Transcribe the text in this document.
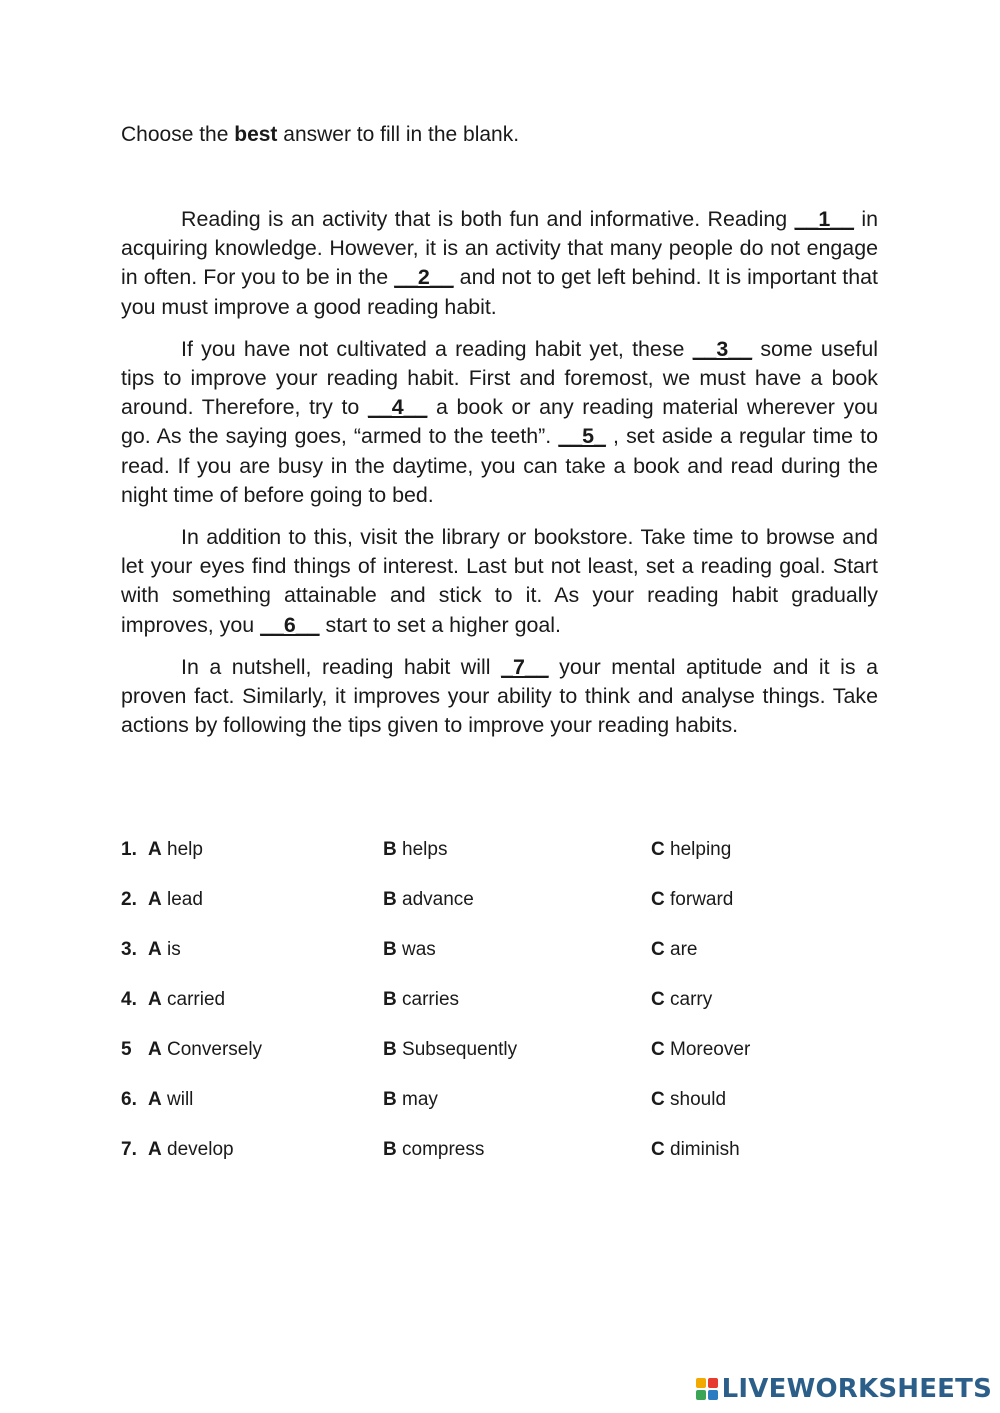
Choose the best answer to fill in the blank.

Reading is an activity that is both fun and informative. Reading __1__ in acquiring knowledge. However, it is an activity that many people do not engage in often. For you to be in the __2__ and not to get left behind. It is important that you must improve a good reading habit.

If you have not cultivated a reading habit yet, these __3__ some useful tips to improve your reading habit. First and foremost, we must have a book around. Therefore, try to __4__ a book or any reading material wherever you go. As the saying goes, “armed to the teeth”. __5_ , set aside a regular time to read. If you are busy in the daytime, you can take a book and read during the night time of before going to bed.

In addition to this, visit the library or bookstore. Take time to browse and let your eyes find things of interest. Last but not least, set a reading goal. Start with something attainable and stick to it. As your reading habit gradually improves, you __6__ start to set a higher goal.

In a nutshell, reading habit will _7__ your mental aptitude and it is a proven fact. Similarly, it improves your ability to think and analyse things. Take actions by following the tips given to improve your reading habits.

1. A help	B helps	C helping
2. A lead	B advance	C forward
3. A is	B was	C are
4. A carried	B carries	C carry
5 A Conversely	B Subsequently	C Moreover
6. A will	B may	C should
7. A develop	B compress	C diminish
LIVEWORKSHEETS
